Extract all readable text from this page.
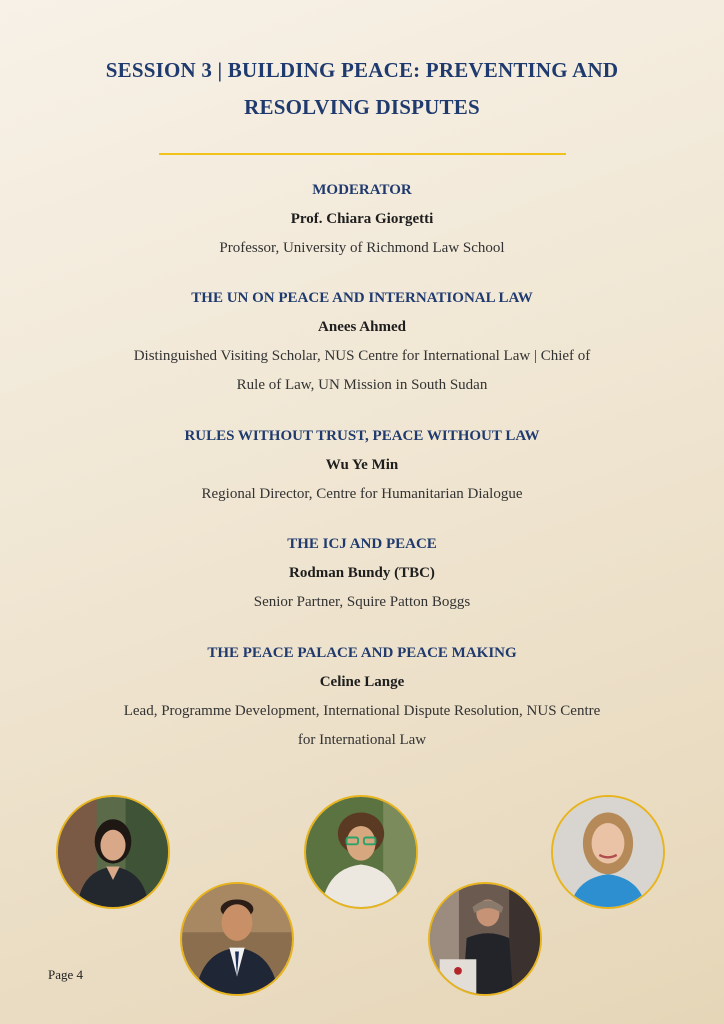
SESSION 3 | BUILDING PEACE: PREVENTING AND
RESOLVING DISPUTES
MODERATOR
Prof. Chiara Giorgetti
Professor, University of Richmond Law School
THE UN ON PEACE AND INTERNATIONAL LAW
Anees Ahmed
Distinguished Visiting Scholar, NUS Centre for International Law | Chief of
Rule of Law, UN Mission in South Sudan
RULES WITHOUT TRUST, PEACE WITHOUT LAW
Wu Ye Min
Regional Director, Centre for Humanitarian Dialogue
THE ICJ AND PEACE
Rodman Bundy (TBC)
Senior Partner, Squire Patton Boggs
THE PEACE PALACE AND PEACE MAKING
Celine Lange
Lead, Programme Development, International Dispute Resolution, NUS Centre
for International Law
Page 4
